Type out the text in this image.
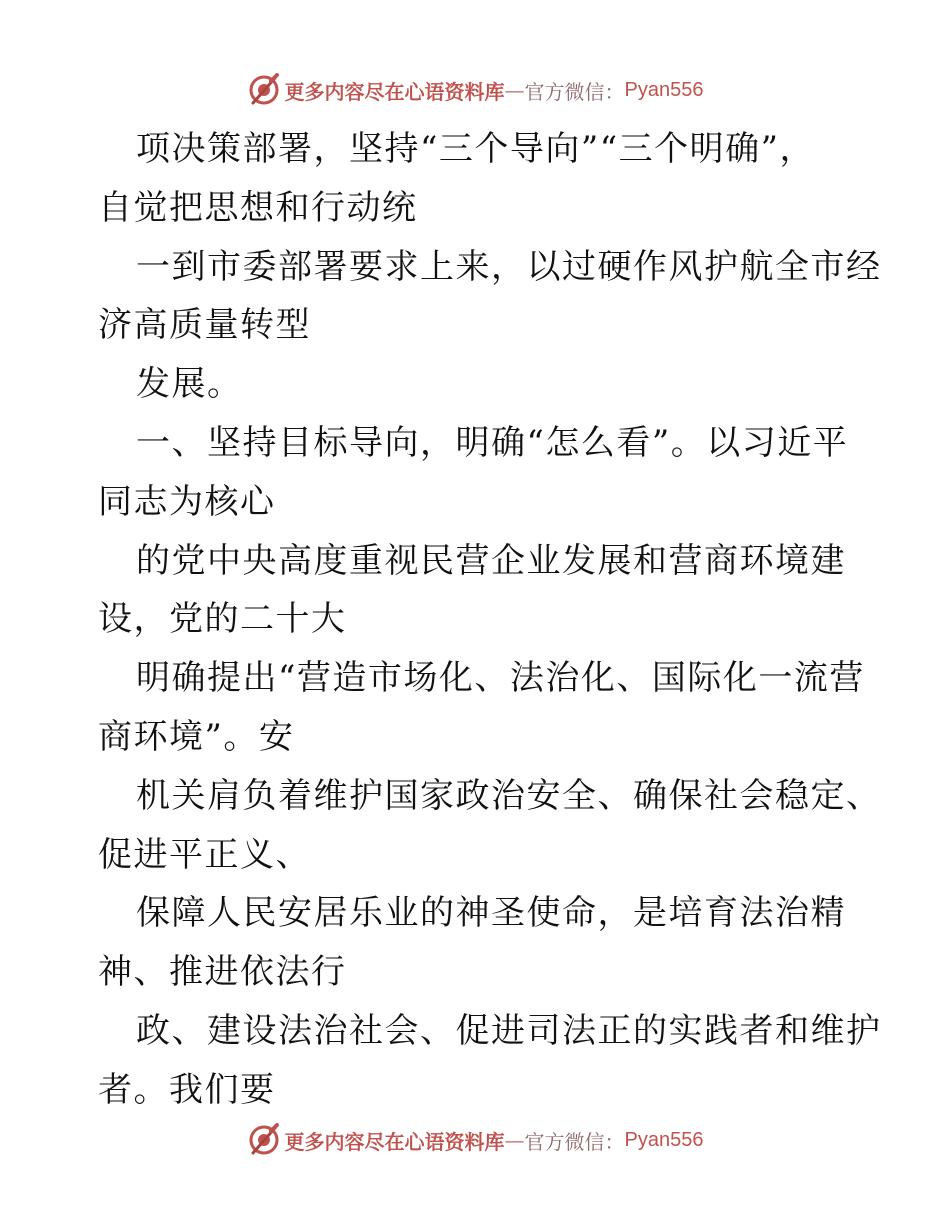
更多内容尽在心语资料库 — 官方微信： Pyan556
项决策部署，坚持“三个导向”“三个明确”，
自觉把思想和行动统
一到市委部署要求上来，以过硬作风护航全市经
济高质量转型
发展。
一、坚持目标导向，明确“怎么看”。以习近平
同志为核心
的党中央高度重视民营企业发展和营商环境建
设，党的二十大
明确提出“营造市场化、法治化、国际化一流营
商环境”。安
机关肩负着维护国家政治安全、确保社会稳定、
促进平正义、
保障人民安居乐业的神圣使命，是培育法治精
神、推进依法行
政、建设法治社会、促进司法正的实践者和维护
者。我们要
更多内容尽在心语资料库 — 官方微信： Pyan556
